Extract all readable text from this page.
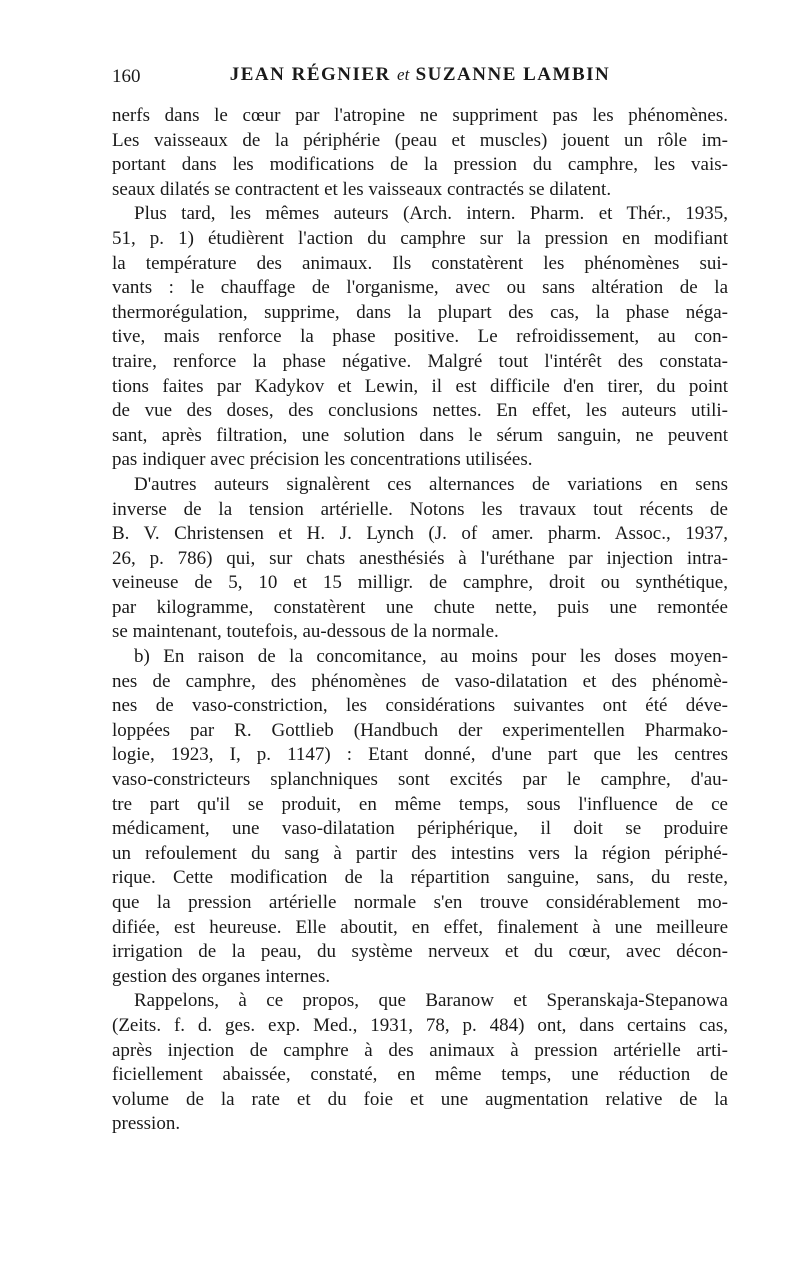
160	JEAN RÉGNIER et SUZANNE LAMBIN
nerfs dans le cœur par l'atropine ne suppriment pas les phénomènes.
Les vaisseaux de la périphérie (peau et muscles) jouent un rôle im-
portant dans les modifications de la pression du camphre, les vais-
seaux dilatés se contractent et les vaisseaux contractés se dilatent.
Plus tard, les mêmes auteurs (Arch. intern. Pharm. et Thér., 1935,
51, p. 1) étudièrent l'action du camphre sur la pression en modifiant
la température des animaux. Ils constatèrent les phénomènes sui-
vants : le chauffage de l'organisme, avec ou sans altération de la
thermorégulation, supprime, dans la plupart des cas, la phase néga-
tive, mais renforce la phase positive. Le refroidissement, au con-
traire, renforce la phase négative. Malgré tout l'intérêt des constata-
tions faites par Kadykov et Lewin, il est difficile d'en tirer, du point
de vue des doses, des conclusions nettes. En effet, les auteurs utili-
sant, après filtration, une solution dans le sérum sanguin, ne peuvent
pas indiquer avec précision les concentrations utilisées.
D'autres auteurs signalèrent ces alternances de variations en sens
inverse de la tension artérielle. Notons les travaux tout récents de
B. V. Christensen et H. J. Lynch (J. of amer. pharm. Assoc., 1937,
26, p. 786) qui, sur chats anesthésiés à l'uréthane par injection intra-
veineuse de 5, 10 et 15 milligr. de camphre, droit ou synthétique,
par kilogramme, constatèrent une chute nette, puis une remontée
se maintenant, toutefois, au-dessous de la normale.
b) En raison de la concomitance, au moins pour les doses moyen-
nes de camphre, des phénomènes de vaso-dilatation et des phénomè-
nes de vaso-constriction, les considérations suivantes ont été déve-
loppées par R. Gottlieb (Handbuch der experimentellen Pharmako-
logie, 1923, I, p. 1147) : Etant donné, d'une part que les centres
vaso-constricteurs splanchniques sont excités par le camphre, d'au-
tre part qu'il se produit, en même temps, sous l'influence de ce
médicament, une vaso-dilatation périphérique, il doit se produire
un refoulement du sang à partir des intestins vers la région périphé-
rique. Cette modification de la répartition sanguine, sans, du reste,
que la pression artérielle normale s'en trouve considérablement mo-
difiée, est heureuse. Elle aboutit, en effet, finalement à une meilleure
irrigation de la peau, du système nerveux et du cœur, avec décon-
gestion des organes internes.
Rappelons, à ce propos, que Baranow et Speranskaja-Stepanowa
(Zeits. f. d. ges. exp. Med., 1931, 78, p. 484) ont, dans certains cas,
après injection de camphre à des animaux à pression artérielle arti-
ficiellement abaissée, constaté, en même temps, une réduction de
volume de la rate et du foie et une augmentation relative de la
pression.
